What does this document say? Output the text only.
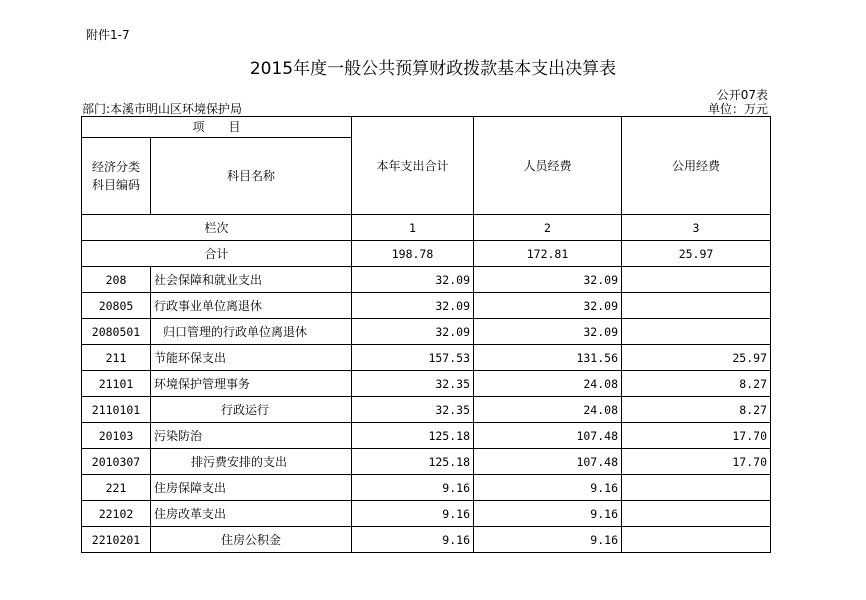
附件1-7
2015年度一般公共预算财政拨款基本支出决算表
公开07表
部门:本溪市明山区环境保护局	单位：万元
项　　目		本年支出合计	人员经费	公用经费

经济分类
科目编码	科目名称			
栏次		1	2	3
合计		198.78	172.81	25.97
208	社会保障和就业支出	32.09	32.09	
20805	行政事业单位离退休	32.09	32.09	
2080501	归口管理的行政单位离退休	32.09	32.09	
211	节能环保支出	157.53	131.56	25.97
21101	环境保护管理事务	32.35	24.08	8.27
2110101	行政运行	32.35	24.08	8.27
20103	污染防治	125.18	107.48	17.70
2010307	排污费安排的支出	125.18	107.48	17.70
221	住房保障支出	9.16	9.16	
22102	住房改革支出	9.16	9.16	
2210201	住房公积金	9.16	9.16	
